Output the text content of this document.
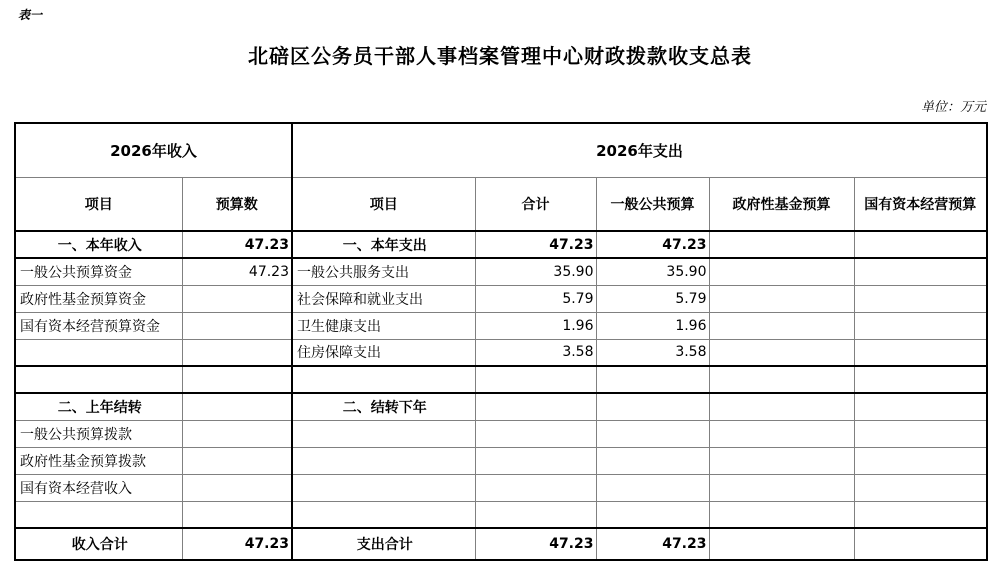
表一
北碚区公务员干部人事档案管理中心财政拨款收支总表
单位：万元
2026年收入		2026年支出				
项目	预算数	项目	合计	一般公共预算	政府性基金预算	国有资本经营预算
一、本年收入	47.23	一、本年支出	47.23	47.23		
一般公共预算资金	47.23	一般公共服务支出	35.90	35.90		
政府性基金预算资金		社会保障和就业支出	5.79	5.79		
国有资本经营预算资金		卫生健康支出	1.96	1.96		
		住房保障支出	3.58	3.58		

二、上年结转		二、结转下年				
一般公共预算拨款						
政府性基金预算拨款						
国有资本经营收入						

收入合计	47.23	支出合计	47.23	47.23		
